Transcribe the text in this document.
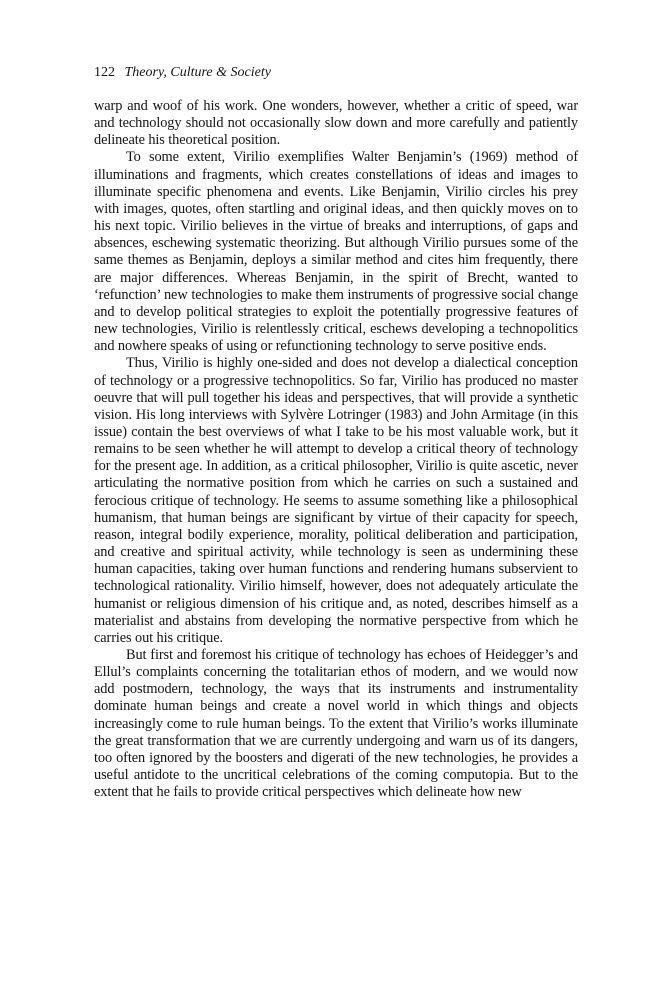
122 Theory, Culture & Society

warp and woof of his work. One wonders, however, whether a critic of speed, war and technology should not occasionally slow down and more carefully and patiently delineate his theoretical position.

To some extent, Virilio exemplifies Walter Benjamin’s (1969) method of illuminations and fragments, which creates constellations of ideas and images to illuminate specific phenomena and events. Like Benjamin, Virilio circles his prey with images, quotes, often startling and original ideas, and then quickly moves on to his next topic. Virilio believes in the virtue of breaks and interruptions, of gaps and absences, eschewing systematic theorizing. But although Virilio pursues some of the same themes as Benjamin, deploys a similar method and cites him frequently, there are major differences. Whereas Benjamin, in the spirit of Brecht, wanted to ‘refunction’ new technologies to make them instruments of progressive social change and to develop political strategies to exploit the potentially progressive features of new technologies, Virilio is relentlessly critical, eschews developing a technopolitics and nowhere speaks of using or refunctioning technology to serve positive ends.

Thus, Virilio is highly one-sided and does not develop a dialectical conception of technology or a progressive technopolitics. So far, Virilio has produced no master oeuvre that will pull together his ideas and perspectives, that will provide a synthetic vision. His long interviews with Sylvère Lotringer (1983) and John Armitage (in this issue) contain the best overviews of what I take to be his most valuable work, but it remains to be seen whether he will attempt to develop a critical theory of technology for the present age. In addition, as a critical philosopher, Virilio is quite ascetic, never articulating the normative position from which he carries on such a sustained and ferocious critique of technology. He seems to assume something like a philosophical humanism, that human beings are significant by virtue of their capacity for speech, reason, integral bodily experience, morality, political deliberation and participation, and creative and spiritual activity, while technology is seen as undermining these human capacities, taking over human functions and rendering humans subservient to technological rationality. Virilio himself, however, does not adequately articulate the humanist or religious dimension of his critique and, as noted, describes himself as a materialist and abstains from developing the normative perspective from which he carries out his critique.

But first and foremost his critique of technology has echoes of Heidegger’s and Ellul’s complaints concerning the totalitarian ethos of modern, and we would now add postmodern, technology, the ways that its instruments and instrumentality dominate human beings and create a novel world in which things and objects increasingly come to rule human beings. To the extent that Virilio’s works illuminate the great transformation that we are currently undergoing and warn us of its dangers, too often ignored by the boosters and digerati of the new technologies, he provides a useful antidote to the uncritical celebrations of the coming computopia. But to the extent that he fails to provide critical perspectives which delineate how new
